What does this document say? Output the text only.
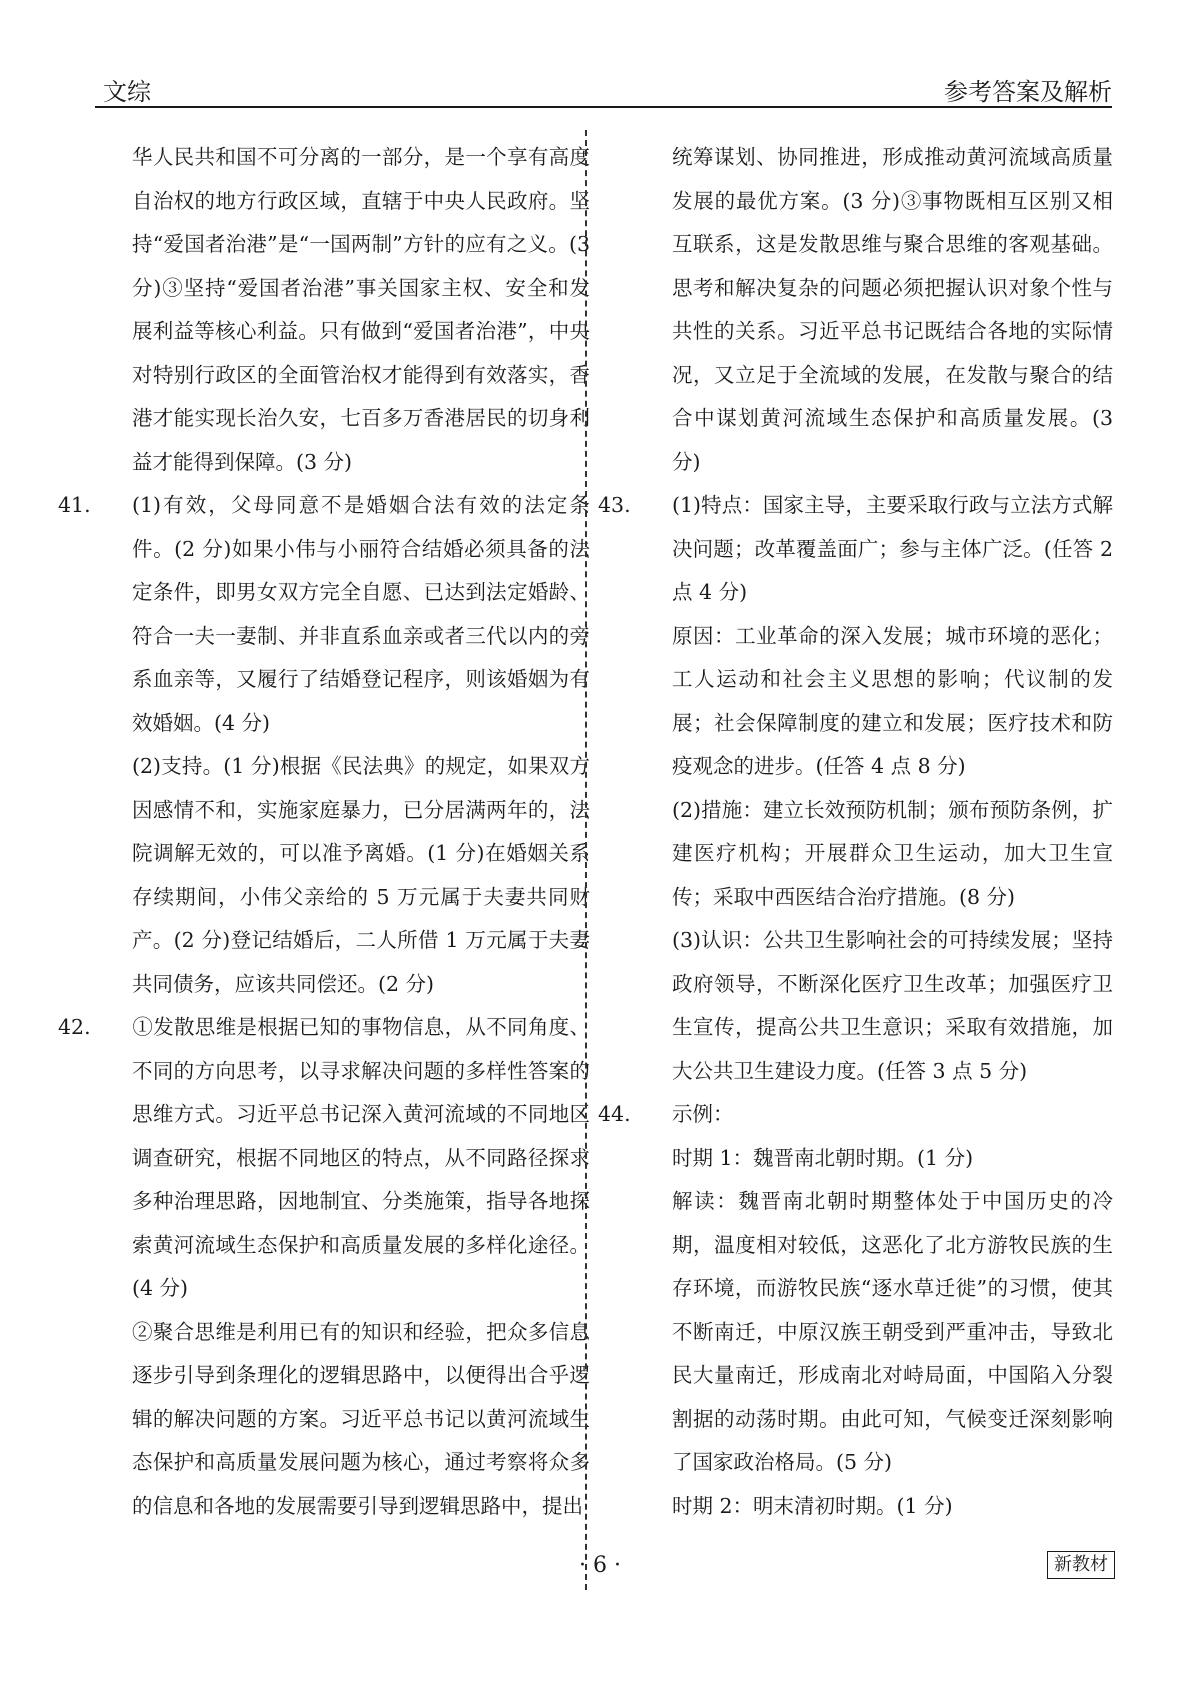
文综	参考答案及解析

华人民共和国不可分离的一部分，是一个享有高度自治权的地方行政区域，直辖于中央人民政府。坚持“爱国者治港”是“一国两制”方针的应有之义。(3 分)③坚持“爱国者治港”事关国家主权、安全和发展利益等核心利益。只有做到“爱国者治港”，中央对特别行政区的全面管治权才能得到有效落实，香港才能实现长治久安，七百多万香港居民的切身利益才能得到保障。(3 分)

41. (1)有效，父母同意不是婚姻合法有效的法定条件。(2 分)如果小伟与小丽符合结婚必须具备的法定条件，即男女双方完全自愿、已达到法定婚龄、符合一夫一妻制、并非直系血亲或者三代以内的旁系血亲等，又履行了结婚登记程序，则该婚姻为有效婚姻。(4 分)

(2)支持。(1 分)根据《民法典》的规定，如果双方因感情不和，实施家庭暴力，已分居满两年的，法院调解无效的，可以准予离婚。(1 分)在婚姻关系存续期间，小伟父亲给的 5 万元属于夫妻共同财产。(2 分)登记结婚后，二人所借 1 万元属于夫妻共同债务，应该共同偿还。(2 分)

42. ①发散思维是根据已知的事物信息，从不同角度、不同的方向思考，以寻求解决问题的多样性答案的思维方式。习近平总书记深入黄河流域的不同地区调查研究，根据不同地区的特点，从不同路径探求多种治理思路，因地制宜、分类施策，指导各地探索黄河流域生态保护和高质量发展的多样化途径。(4 分)

②聚合思维是利用已有的知识和经验，把众多信息逐步引导到条理化的逻辑思路中，以便得出合乎逻辑的解决问题的方案。习近平总书记以黄河流域生态保护和高质量发展问题为核心，通过考察将众多的信息和各地的发展需要引导到逻辑思路中，提出

统筹谋划、协同推进，形成推动黄河流域高质量发展的最优方案。(3 分)③事物既相互区别又相互联系，这是发散思维与聚合思维的客观基础。思考和解决复杂的问题必须把握认识对象个性与共性的关系。习近平总书记既结合各地的实际情况，又立足于全流域的发展，在发散与聚合的结合中谋划黄河流域生态保护和高质量发展。(3 分)

43. (1)特点：国家主导，主要采取行政与立法方式解决问题；改革覆盖面广；参与主体广泛。(任答 2 点 4 分)

原因：工业革命的深入发展；城市环境的恶化；工人运动和社会主义思想的影响；代议制的发展；社会保障制度的建立和发展；医疗技术和防疫观念的进步。(任答 4 点 8 分)

(2)措施：建立长效预防机制；颁布预防条例，扩建医疗机构；开展群众卫生运动，加大卫生宣传；采取中西医结合治疗措施。(8 分)

(3)认识：公共卫生影响社会的可持续发展；坚持政府领导，不断深化医疗卫生改革；加强医疗卫生宣传，提高公共卫生意识；采取有效措施，加大公共卫生建设力度。(任答 3 点 5 分)

44. 示例：

时期 1：魏晋南北朝时期。(1 分)

解读：魏晋南北朝时期整体处于中国历史的冷期，温度相对较低，这恶化了北方游牧民族的生存环境，而游牧民族“逐水草迁徙”的习惯，使其不断南迁，中原汉族王朝受到严重冲击，导致北民大量南迁，形成南北对峙局面，中国陷入分裂割据的动荡时期。由此可知，气候变迁深刻影响了国家政治格局。(5 分)

时期 2：明末清初时期。(1 分)

· 6 ·	新教材
